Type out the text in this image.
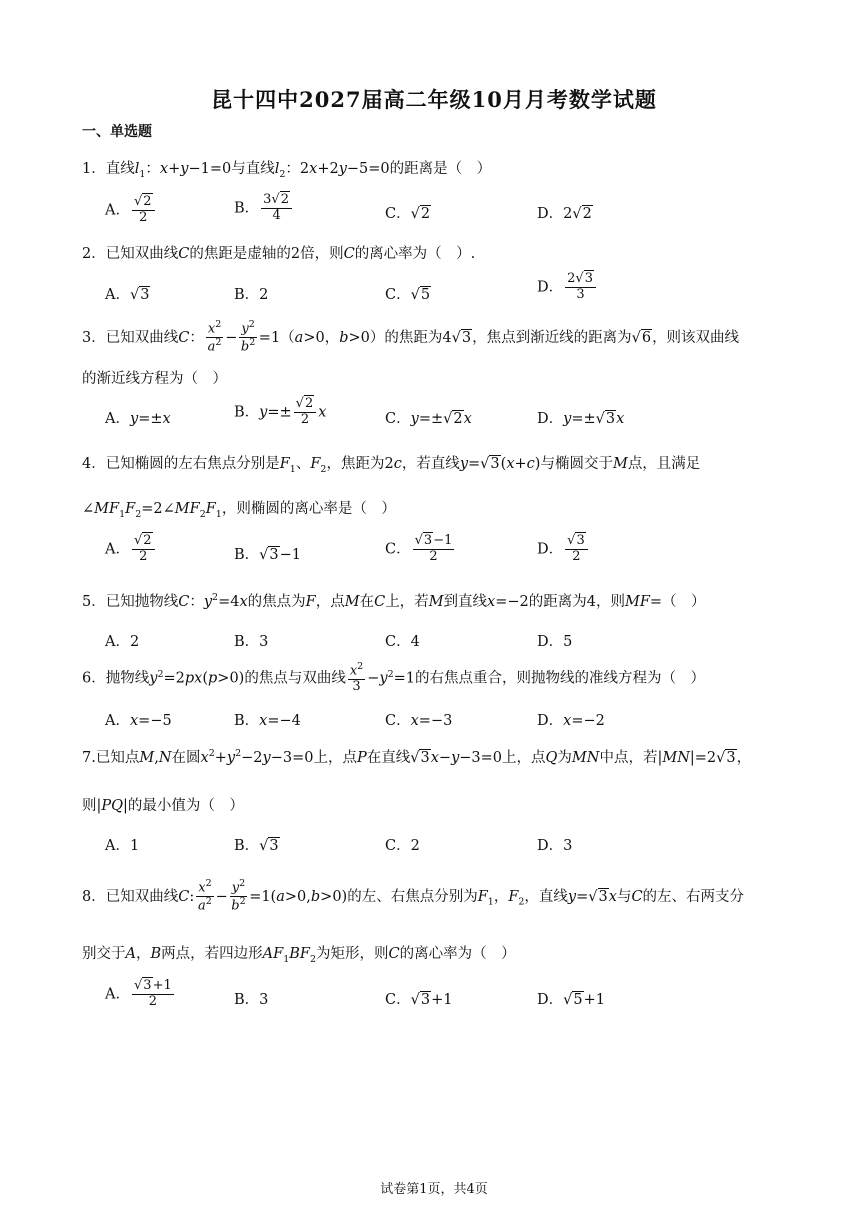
昆十四中2027届高二年级10月月考数学试题
一、单选题
1．直线$l_1$：x+y−1=0与直线$l_2$：2x+2y−5=0的距离是（　）
A． $\frac{√2}{2}$	B． $\frac{3√2}{4}$	C．√2	D．2√2
2．已知双曲线C的焦距是虚轴的2倍，则C的离心率为（　）.
A．√3	B．2	C．√5	D． $\frac{2√3}{3}$
3．已知双曲线C： $\frac{x^2}{a^2} - \frac{y^2}{b^2} =1(a>0$，b>0）的焦距为4√3，焦点到渐近线的距离为√6，则该双曲线
的渐近线方程为（　）
A．y=±x	B．$y=\pm \frac{√2}{2}$ x	C．y=±√2x	D．y=±√3x
4．已知椭圆的左右焦点分别是$F_1$、$F_2$，焦距为2c，若直线y=√3(x+c)与椭圆交于M点，且满足
$\angle MF_1F_2=2\angle MF_2F_1$，则椭圆的离心率是（　）
A． $\frac{√2}{2}$	B．√3−1	C． $\frac{√3-1}{2}$	D． $\frac{√3}{2}$
5．已知抛物线C：$y^2=4x$的焦点为F，点M在C上，若M到直线x=−2的距离为4，则MF=（　）
A．2	B．3	C．4	D．5
6．抛物线$y^2=2px(p>0)$的焦点与双曲线 $\frac{x^2}{3} -y^2=1$的右焦点重合，则抛物线的准线方程为（　）
A．x=−5	B．x=−4	C．x=−3	D．x=−2
7.已知点M,N在圆$x^2+y^2-2y-3=0$上，点P在直线√3x−y−3=0上，点Q为MN中点，若|MN|=2√3，
则|PQ|的最小值为（　）
A．1	B．√3	C．2	D．3
8．已知双曲线C: $\frac{x^2}{a^2} - \frac{y^2}{b^2} =1(a>0,b>0)$的左、右焦点分别为$F_1$，$F_2$，直线y=√3x与C的左、右两支分
别交于A，B两点，若四边形$AF_1BF_2$为矩形，则C的离心率为（　）
A． $\frac{√3+1}{2}$	B．3	C．√3+1	D．√5+1
试卷第1页，共4页
